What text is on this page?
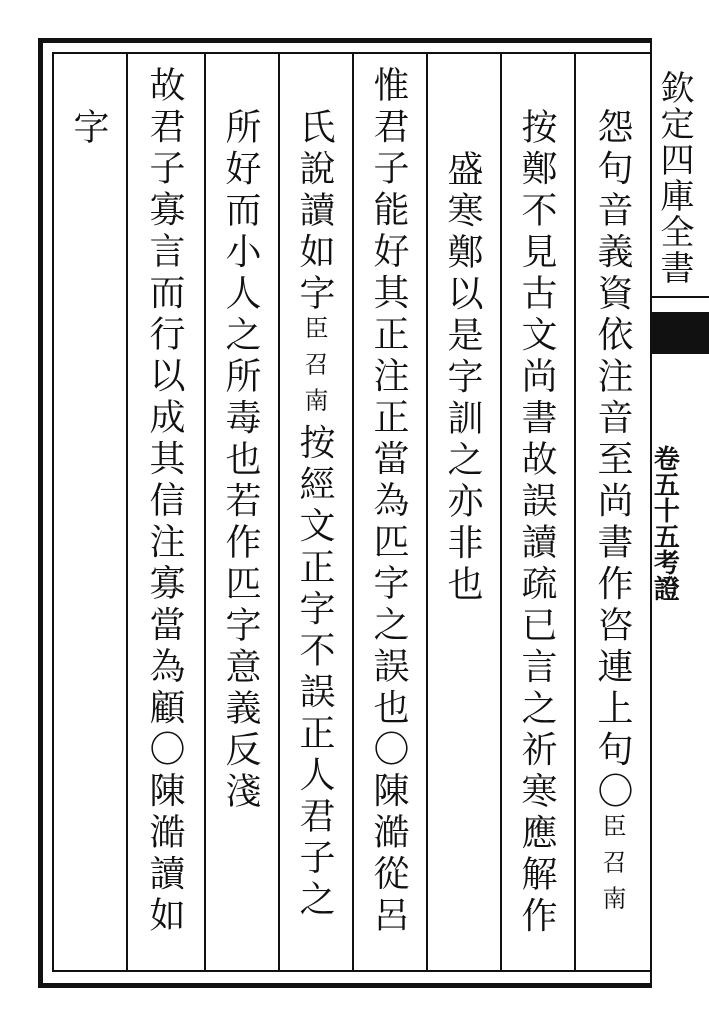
欽定四庫全書
卷五十五考證
怨句音義資依注音至尚書作咨連上句〇臣召南
按鄭不見古文尚書故誤讀疏已言之祈寒應解作
盛寒鄭以是字訓之亦非也
惟君子能好其正注正當為匹字之誤也〇陳澔從呂
氏說讀如字臣召南按經文正字不誤正人君子之
所好而小人之所毒也若作匹字意義反淺
故君子寡言而行以成其信注寡當為顧〇陳澔讀如
字
